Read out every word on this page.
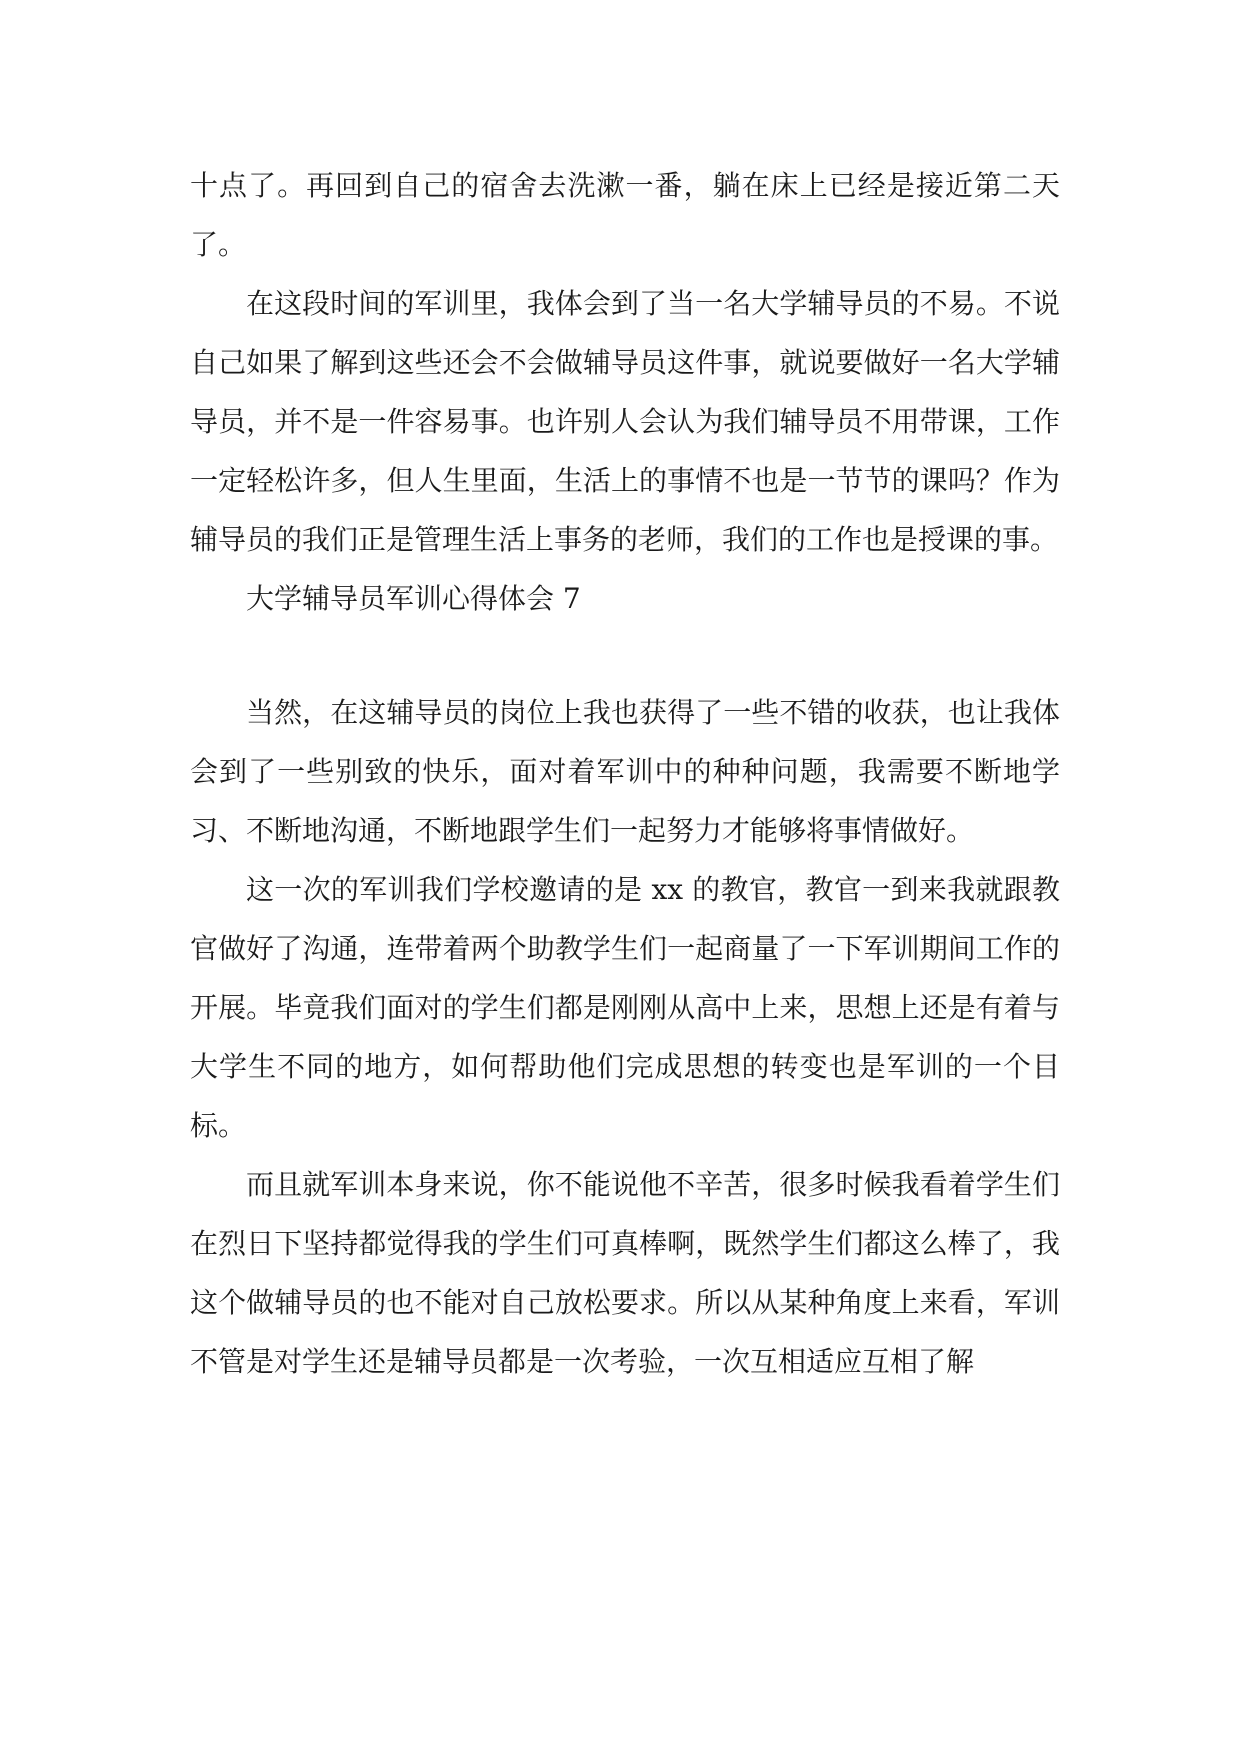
十点了。再回到自己的宿舍去洗漱一番，躺在床上已经是接近第二天了。

在这段时间的军训里，我体会到了当一名大学辅导员的不易。不说自己如果了解到这些还会不会做辅导员这件事，就说要做好一名大学辅导员，并不是一件容易事。也许别人会认为我们辅导员不用带课，工作一定轻松许多，但人生里面，生活上的事情不也是一节节的课吗？作为辅导员的我们正是管理生活上事务的老师，我们的工作也是授课的事。

大学辅导员军训心得体会 7

当然，在这辅导员的岗位上我也获得了一些不错的收获，也让我体会到了一些别致的快乐，面对着军训中的种种问题，我需要不断地学习、不断地沟通，不断地跟学生们一起努力才能够将事情做好。

这一次的军训我们学校邀请的是 xx 的教官，教官一到来我就跟教官做好了沟通，连带着两个助教学生们一起商量了一下军训期间工作的开展。毕竟我们面对的学生们都是刚刚从高中上来，思想上还是有着与大学生不同的地方，如何帮助他们完成思想的转变也是军训的一个目标。

而且就军训本身来说，你不能说他不辛苦，很多时候我看着学生们在烈日下坚持都觉得我的学生们可真棒啊，既然学生们都这么棒了，我这个做辅导员的也不能对自己放松要求。所以从某种角度上来看，军训不管是对学生还是辅导员都是一次考验，一次互相适应互相了解
